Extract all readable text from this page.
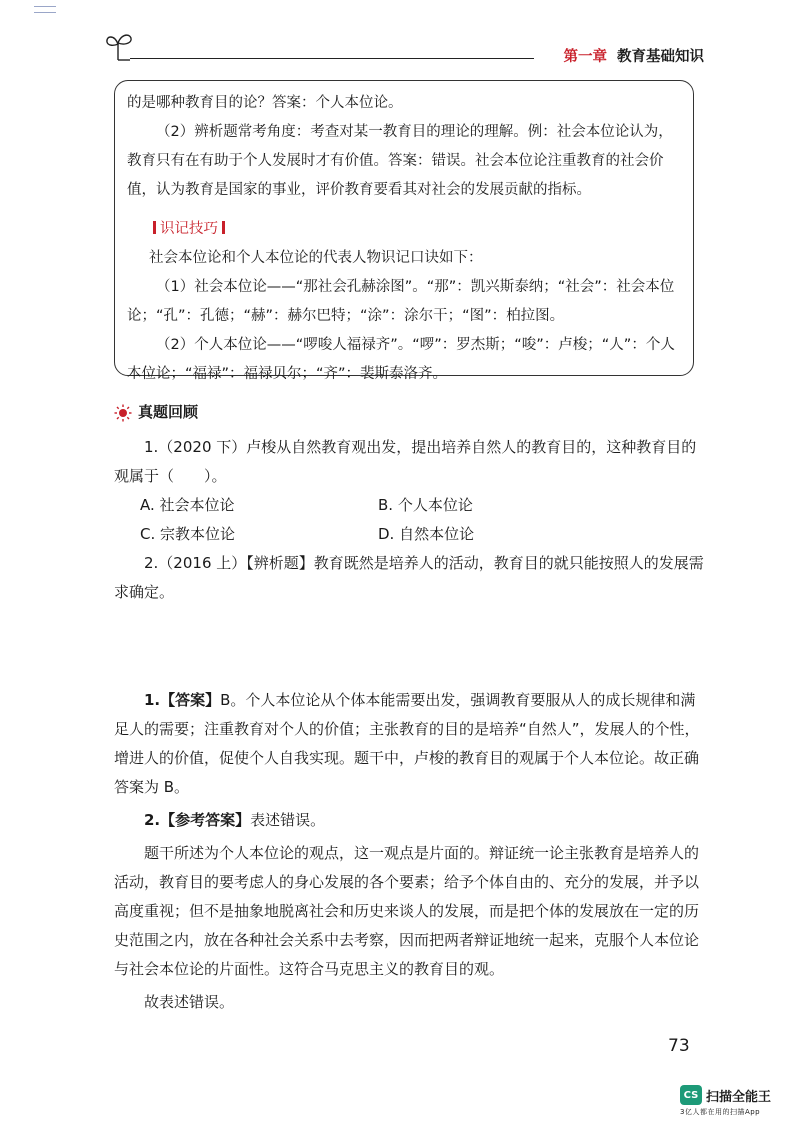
第一章 教育基础知识

的是哪种教育目的论？答案：个人本位论。

（2）辨析题常考角度：考查对某一教育目的理论的理解。例：社会本位论认为，教育只有在有助于个人发展时才有价值。答案：错误。社会本位论注重教育的社会价值，认为教育是国家的事业，评价教育要看其对社会的发展贡献的指标。

识记技巧

社会本位论和个人本位论的代表人物识记口诀如下：

（1）社会本位论——“那社会孔赫涂图”。“那”：凯兴斯泰纳；“社会”：社会本位论；“孔”：孔德；“赫”：赫尔巴特；“涂”：涂尔干；“图”：柏拉图。

（2）个人本位论——“啰唆人福禄齐”。“啰”：罗杰斯；“唆”：卢梭；“人”：个人本位论；“福禄”：福禄贝尔；“齐”：裴斯泰洛齐。

真题回顾

1.（2020 下）卢梭从自然教育观出发，提出培养自然人的教育目的，这种教育目的观属于（　　）。

A. 社会本位论	B. 个人本位论
C. 宗教本位论	D. 自然本位论

2.（2016 上）【辨析题】教育既然是培养人的活动，教育目的就只能按照人的发展需求确定。

1.【答案】B。个人本位论从个体本能需要出发，强调教育要服从人的成长规律和满足人的需要；注重教育对个人的价值；主张教育的目的是培养“自然人”，发展人的个性，增进人的价值，促使个人自我实现。题干中，卢梭的教育目的观属于个人本位论。故正确答案为 B。

2.【参考答案】表述错误。

题干所述为个人本位论的观点，这一观点是片面的。辩证统一论主张教育是培养人的活动，教育目的要考虑人的身心发展的各个要素；给予个体自由的、充分的发展，并予以高度重视；但不是抽象地脱离社会和历史来谈人的发展，而是把个体的发展放在一定的历史范围之内，放在各种社会关系中去考察，因而把两者辩证地统一起来，克服个人本位论与社会本位论的片面性。这符合马克思主义的教育目的观。

故表述错误。

73
CS 扫描全能王
3亿人都在用的扫描App
